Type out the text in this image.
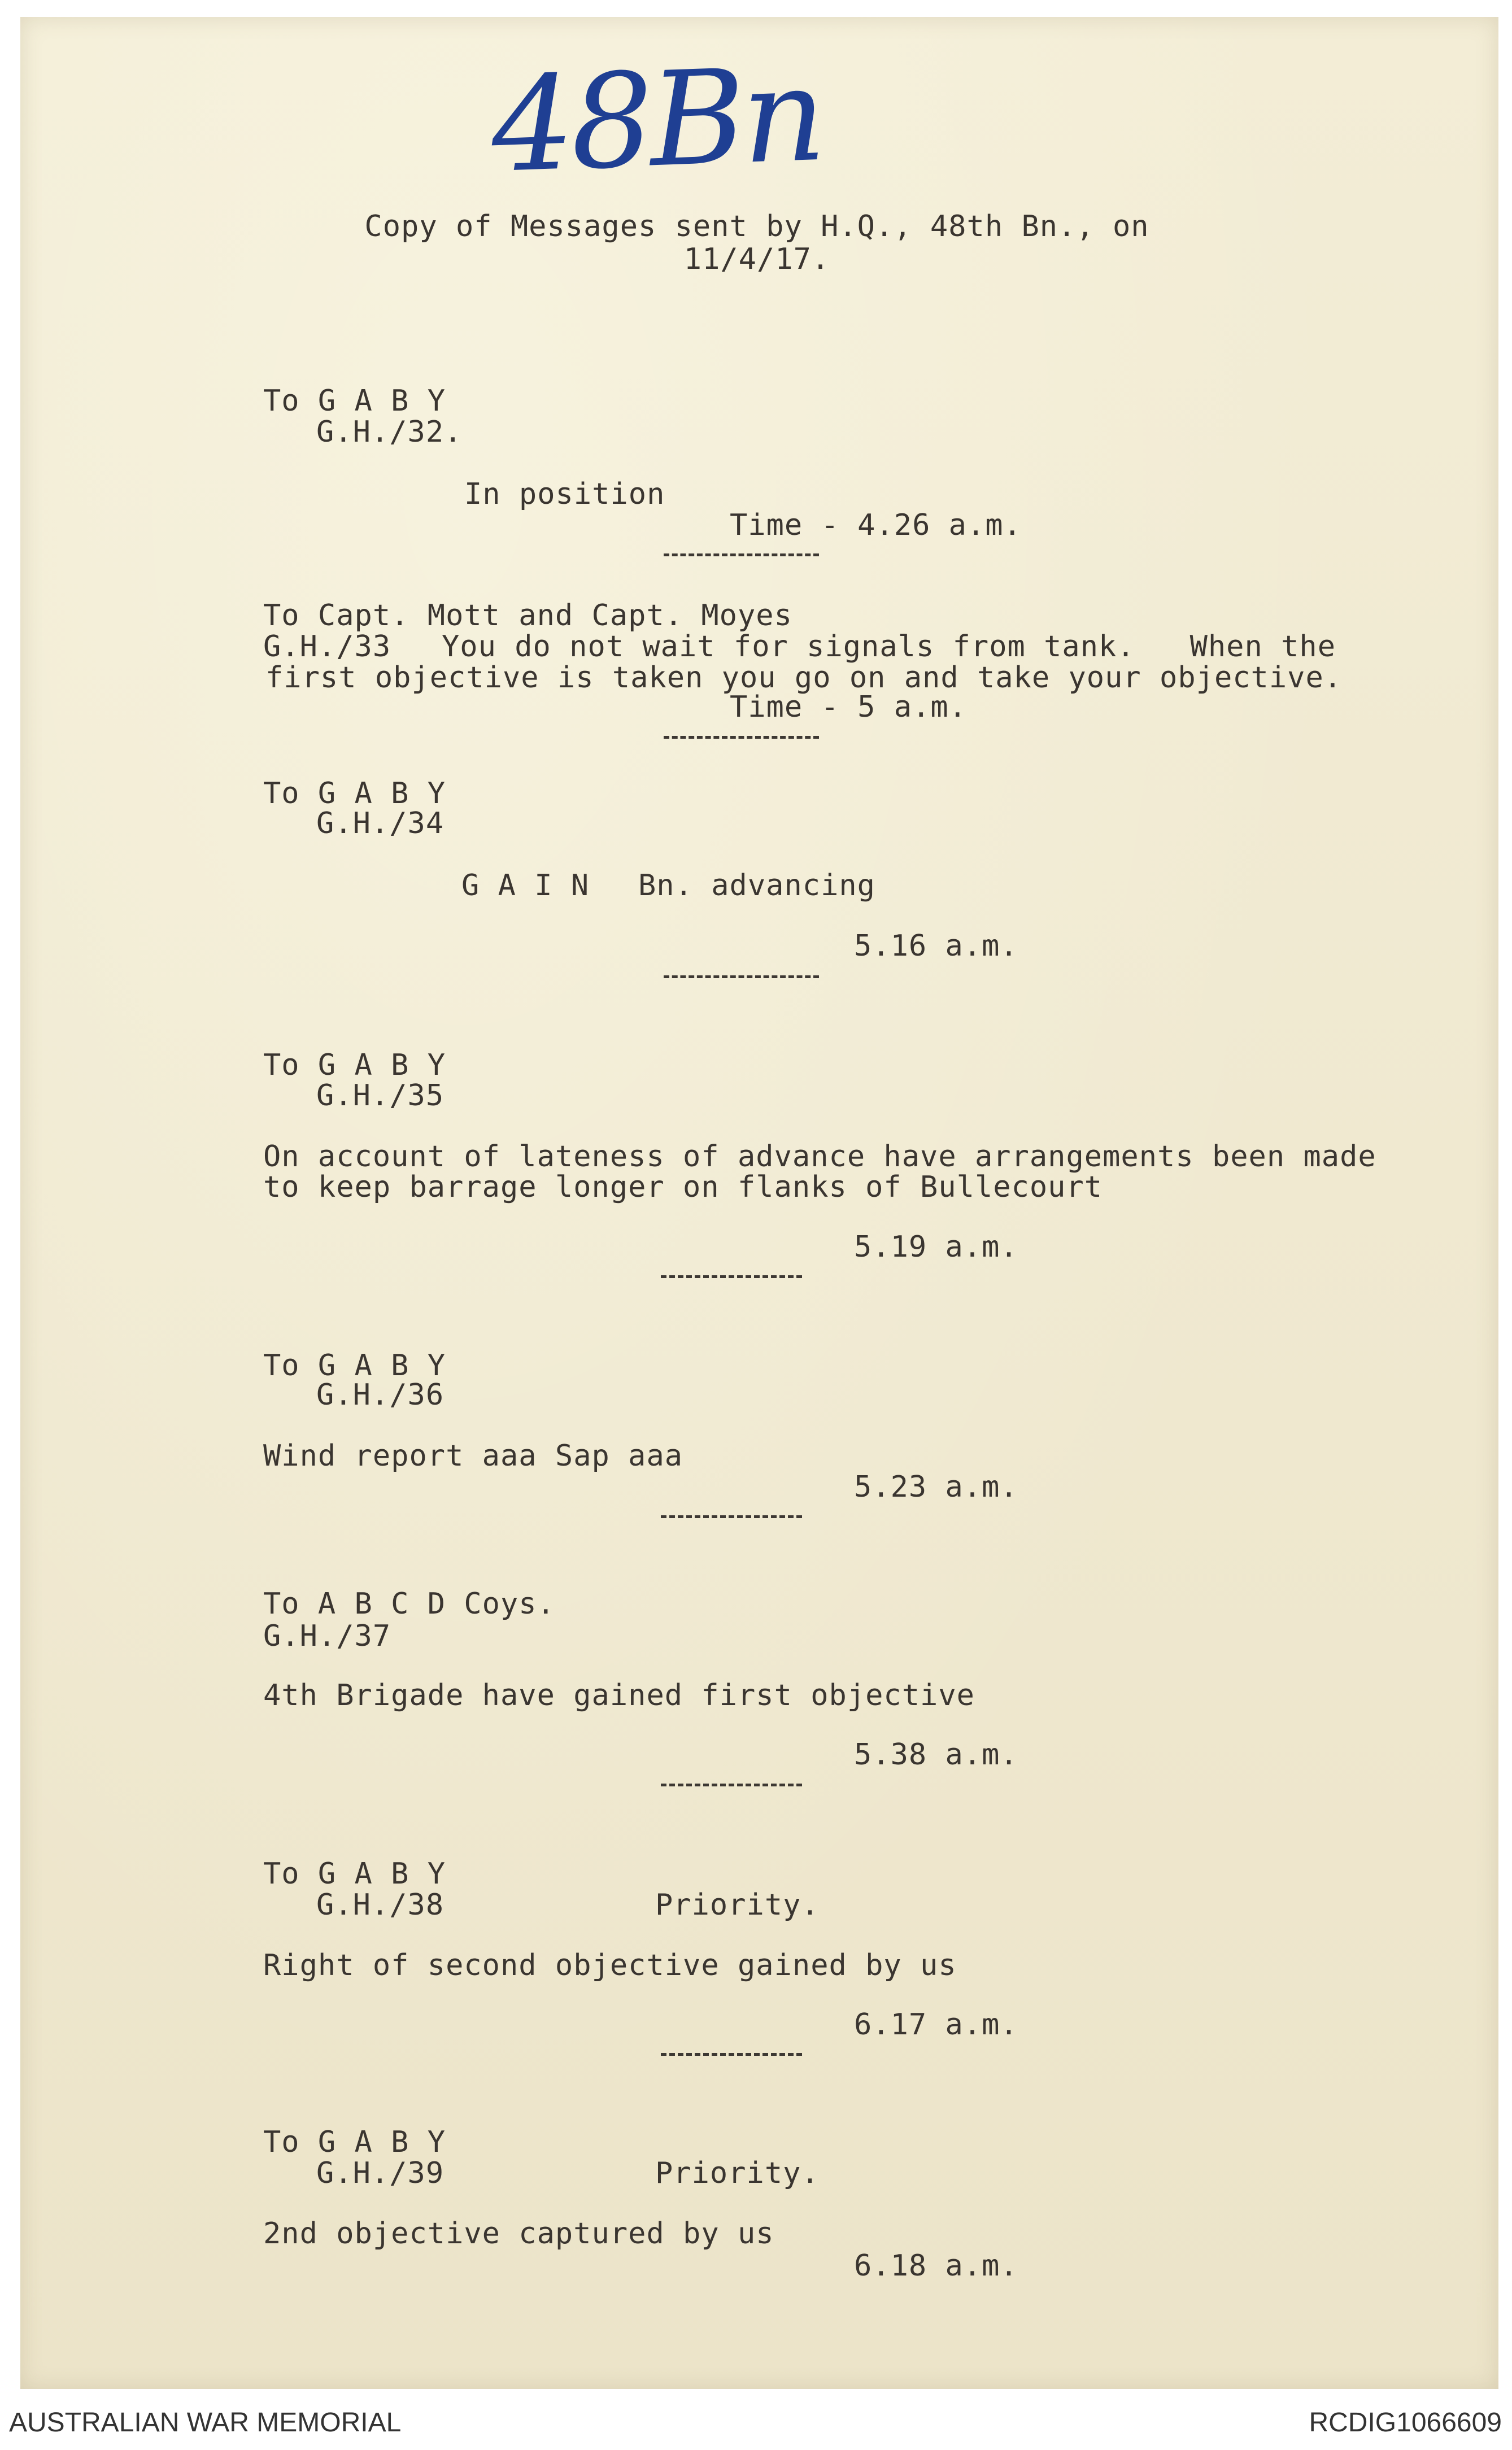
48Bn
Copy of Messages sent by H.Q., 48th Bn., on
11/4/17.
To G A B Y
G.H./32.
In position
Time - 4.26 a.m.
To Capt. Mott and Capt. Moyes
G.H./33 You do not wait for signals from tank.   When the
first objective is taken you go on and take your objective.
Time - 5 a.m.
To G A B Y
G.H./34
G A I N Bn. advancing
5.16 a.m.
To G A B Y
G.H./35
On account of lateness of advance have arrangements been made
to keep barrage longer on flanks of Bullecourt
5.19 a.m.
To G A B Y
G.H./36
Wind report aaa Sap aaa
5.23 a.m.
To A B C D Coys.
G.H./37
4th Brigade have gained first objective
5.38 a.m.
To G A B Y
G.H./38	Priority.
Right of second objective gained by us
6.17 a.m.
To G A B Y
G.H./39	Priority.
2nd objective captured by us
6.18 a.m.
AUSTRALIAN WAR MEMORIAL	RCDIG1066609
